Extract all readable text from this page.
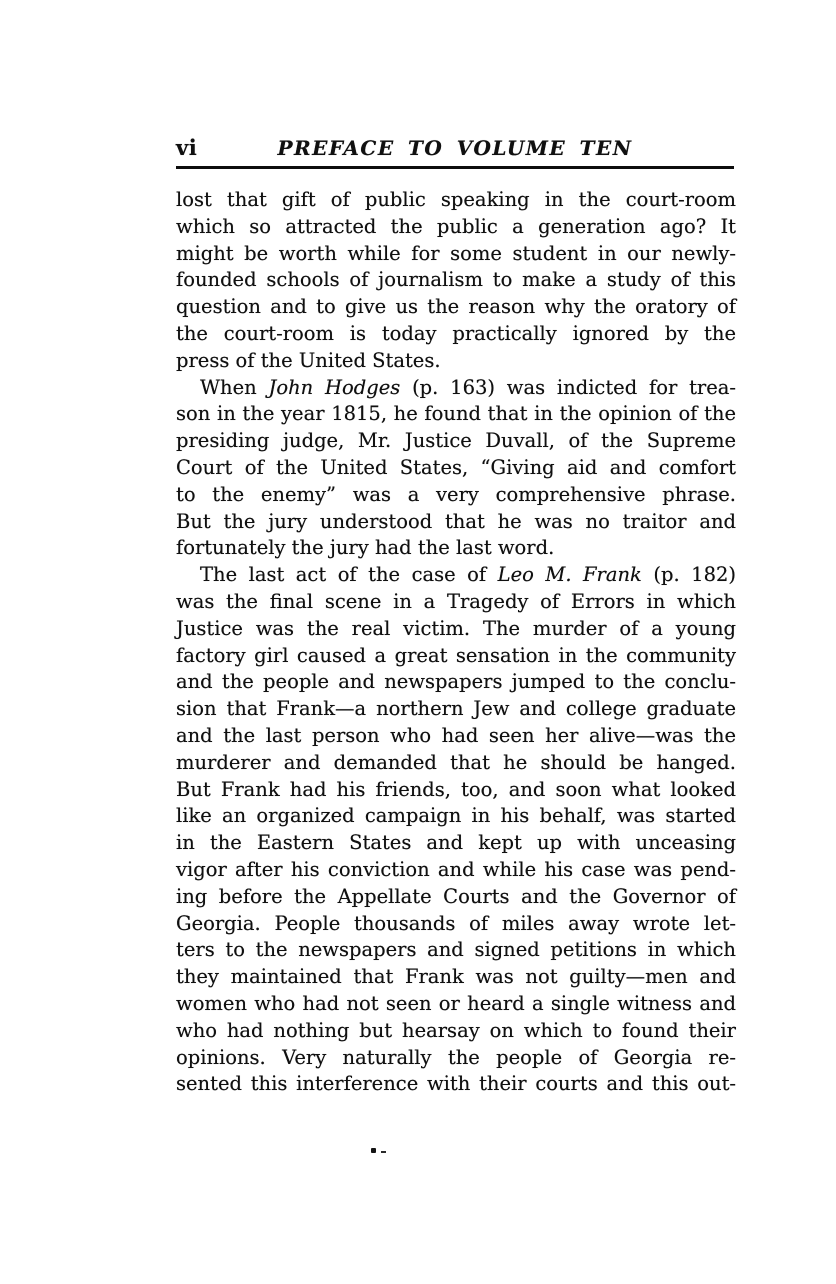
vi	PREFACE TO VOLUME TEN
lost that gift of public speaking in the court-room
which so attracted the public a generation ago? It
might be worth while for some student in our newly-
founded schools of journalism to make a study of this
question and to give us the reason why the oratory of
the court-room is today practically ignored by the
press of the United States.
When John Hodges (p. 163) was indicted for trea-
son in the year 1815, he found that in the opinion of the
presiding judge, Mr. Justice Duvall, of the Supreme
Court of the United States, “Giving aid and comfort
to the enemy” was a very comprehensive phrase.
But the jury understood that he was no traitor and
fortunately the jury had the last word.
The last act of the case of Leo M. Frank (p. 182)
was the final scene in a Tragedy of Errors in which
Justice was the real victim. The murder of a young
factory girl caused a great sensation in the community
and the people and newspapers jumped to the conclu-
sion that Frank—a northern Jew and college graduate
and the last person who had seen her alive—was the
murderer and demanded that he should be hanged.
But Frank had his friends, too, and soon what looked
like an organized campaign in his behalf, was started
in the Eastern States and kept up with unceasing
vigor after his conviction and while his case was pend-
ing before the Appellate Courts and the Governor of
Georgia. People thousands of miles away wrote let-
ters to the newspapers and signed petitions in which
they maintained that Frank was not guilty—men and
women who had not seen or heard a single witness and
who had nothing but hearsay on which to found their
opinions. Very naturally the people of Georgia re-
sented this interference with their courts and this out-
